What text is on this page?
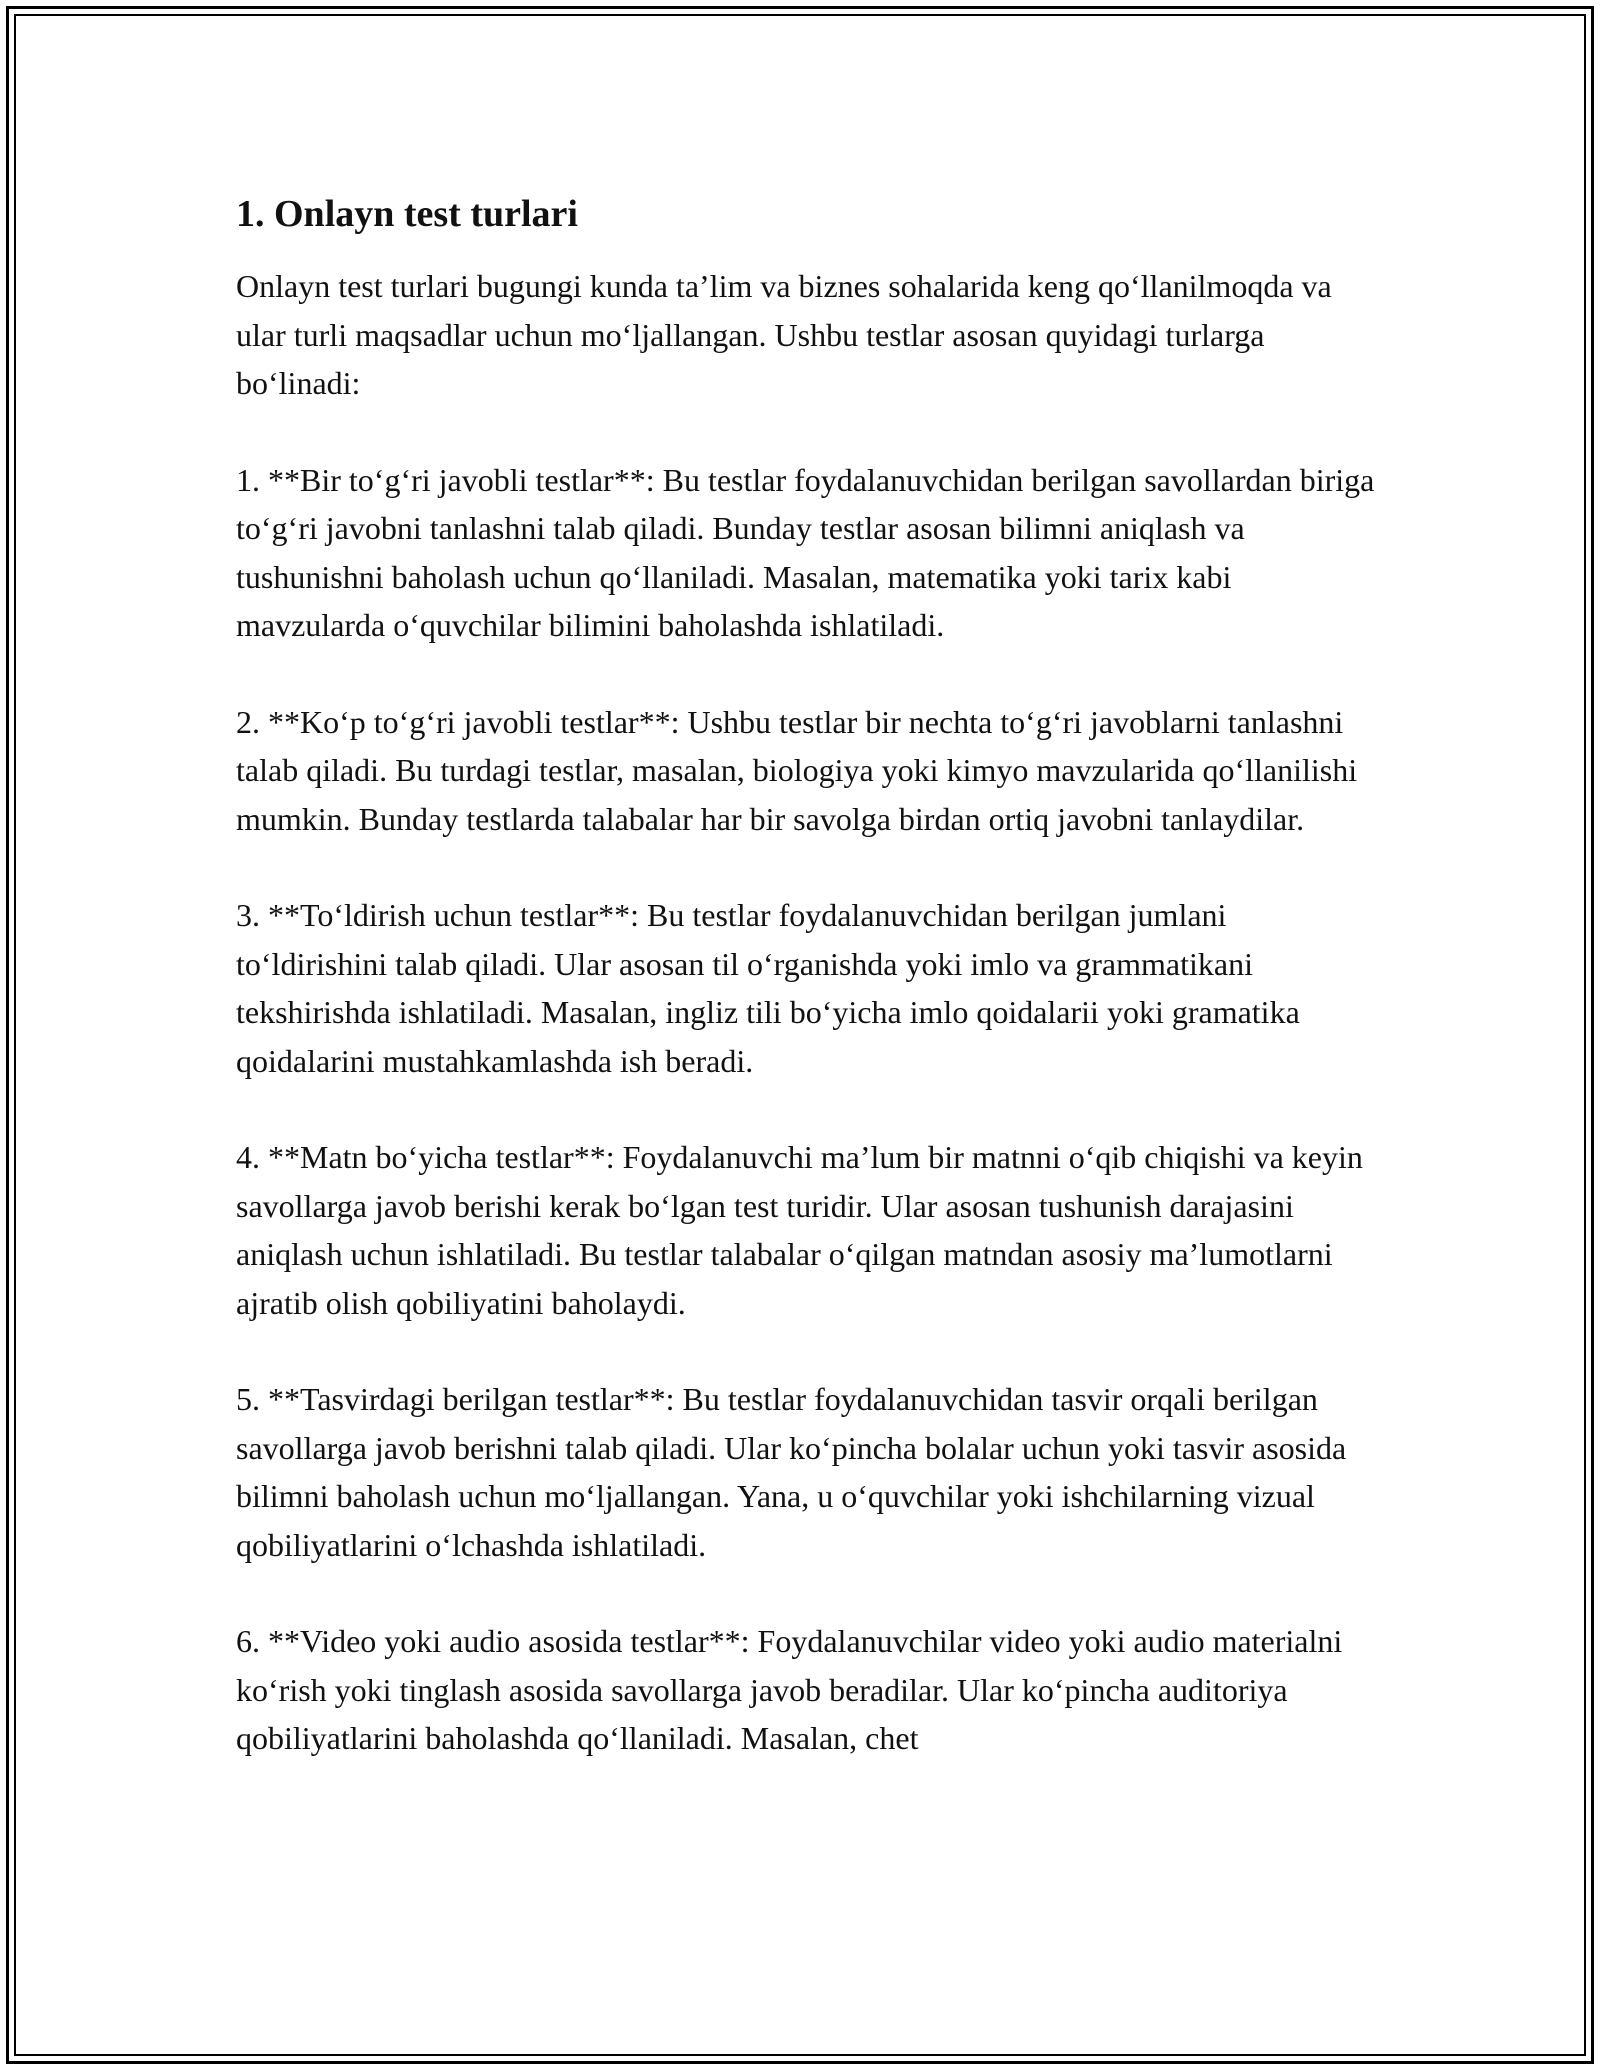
1. Onlayn test turlari

Onlayn test turlari bugungi kunda ta’lim va biznes sohalarida keng qo‘llanilmoqda va ular turli maqsadlar uchun mo‘ljallangan. Ushbu testlar asosan quyidagi turlarga bo‘linadi:

1. **Bir to‘g‘ri javobli testlar**: Bu testlar foydalanuvchidan berilgan savollardan biriga to‘g‘ri javobni tanlashni talab qiladi. Bunday testlar asosan bilimni aniqlash va tushunishni baholash uchun qo‘llaniladi. Masalan, matematika yoki tarix kabi mavzularda o‘quvchilar bilimini baholashda ishlatiladi.

2. **Ko‘p to‘g‘ri javobli testlar**: Ushbu testlar bir nechta to‘g‘ri javoblarni tanlashni talab qiladi. Bu turdagi testlar, masalan, biologiya yoki kimyo mavzularida qo‘llanilishi mumkin. Bunday testlarda talabalar har bir savolga birdan ortiq javobni tanlaydilar.

3. **To‘ldirish uchun testlar**: Bu testlar foydalanuvchidan berilgan jumlani to‘ldirishini talab qiladi. Ular asosan til o‘rganishda yoki imlo va grammatikani tekshirishda ishlatiladi. Masalan, ingliz tili bo‘yicha imlo qoidalarii yoki gramatika qoidalarini mustahkamlashda ish beradi.

4. **Matn bo‘yicha testlar**: Foydalanuvchi ma’lum bir matnni o‘qib chiqishi va keyin savollarga javob berishi kerak bo‘lgan test turidir. Ular asosan tushunish darajasini aniqlash uchun ishlatiladi. Bu testlar talabalar o‘qilgan matndan asosiy ma’lumotlarni ajratib olish qobiliyatini baholaydi.

5. **Tasvirdagi berilgan testlar**: Bu testlar foydalanuvchidan tasvir orqali berilgan savollarga javob berishni talab qiladi. Ular ko‘pincha bolalar uchun yoki tasvir asosida bilimni baholash uchun mo‘ljallangan. Yana, u o‘quvchilar yoki ishchilarning vizual qobiliyatlarini o‘lchashda ishlatiladi.

6. **Video yoki audio asosida testlar**: Foydalanuvchilar video yoki audio materialni ko‘rish yoki tinglash asosida savollarga javob beradilar. Ular ko‘pincha auditoriya qobiliyatlarini baholashda qo‘llaniladi. Masalan, chet
